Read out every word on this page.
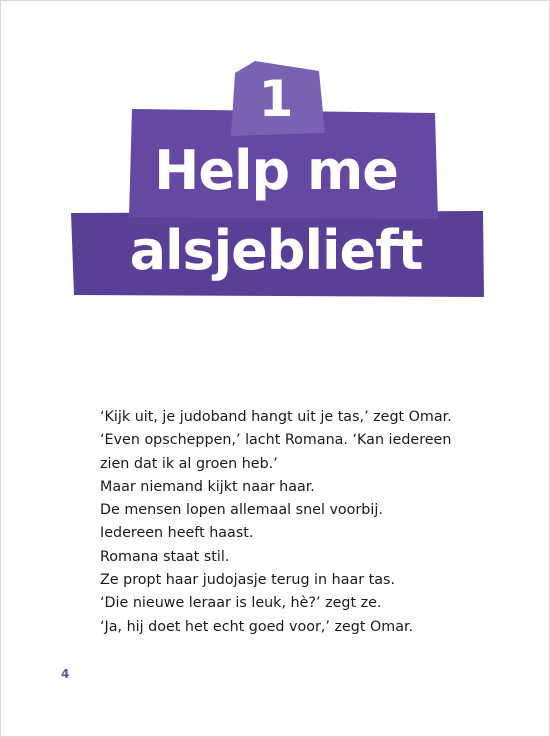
1
Help me
alsjeblieft
‘Kijk uit, je judoband hangt uit je tas,’ zegt Omar.
‘Even opscheppen,’ lacht Romana. ‘Kan iedereen
zien dat ik al groen heb.’
Maar niemand kijkt naar haar.
De mensen lopen allemaal snel voorbij.
Iedereen heeft haast.
Romana staat stil.
Ze propt haar judojasje terug in haar tas.
‘Die nieuwe leraar is leuk, hè?’ zegt ze.
‘Ja, hij doet het echt goed voor,’ zegt Omar.
4
